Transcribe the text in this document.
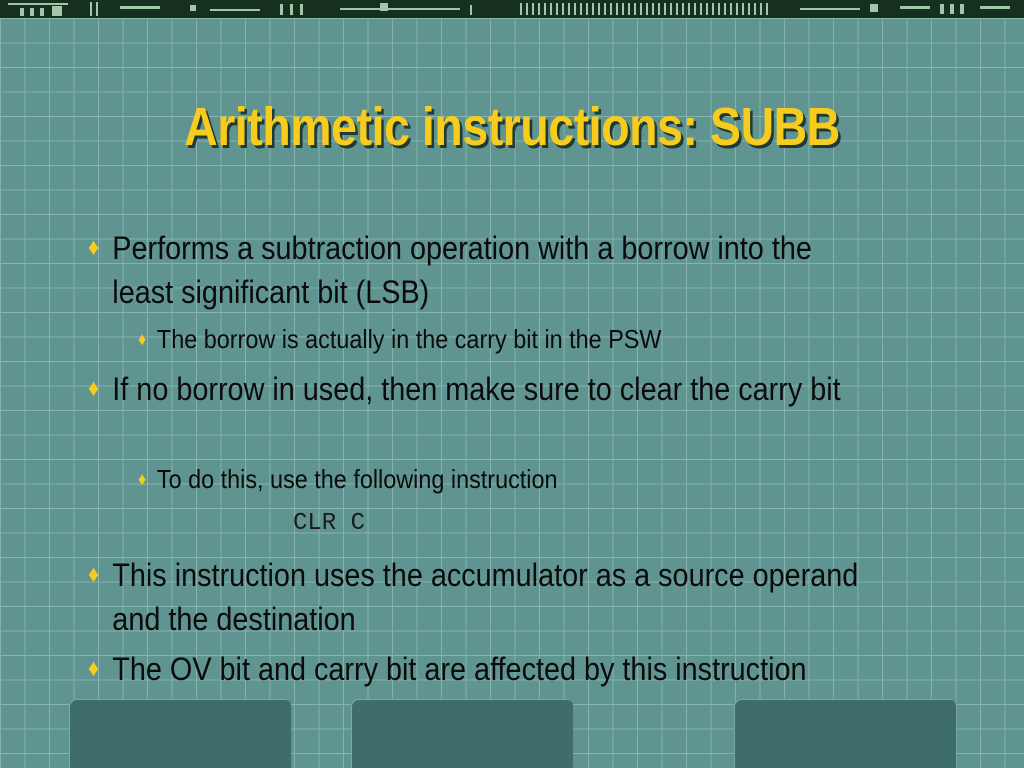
Arithmetic instructions: SUBB
♦ Performs a subtraction operation with a borrow into the least significant bit (LSB)
♦ The borrow is actually in the carry bit in the PSW
♦ If no borrow in used, then make sure to clear the carry bit
♦ To do this, use the following instruction
CLR C
♦ This instruction uses the accumulator as a source operand and the destination
♦ The OV bit and carry bit are affected by this instruction
